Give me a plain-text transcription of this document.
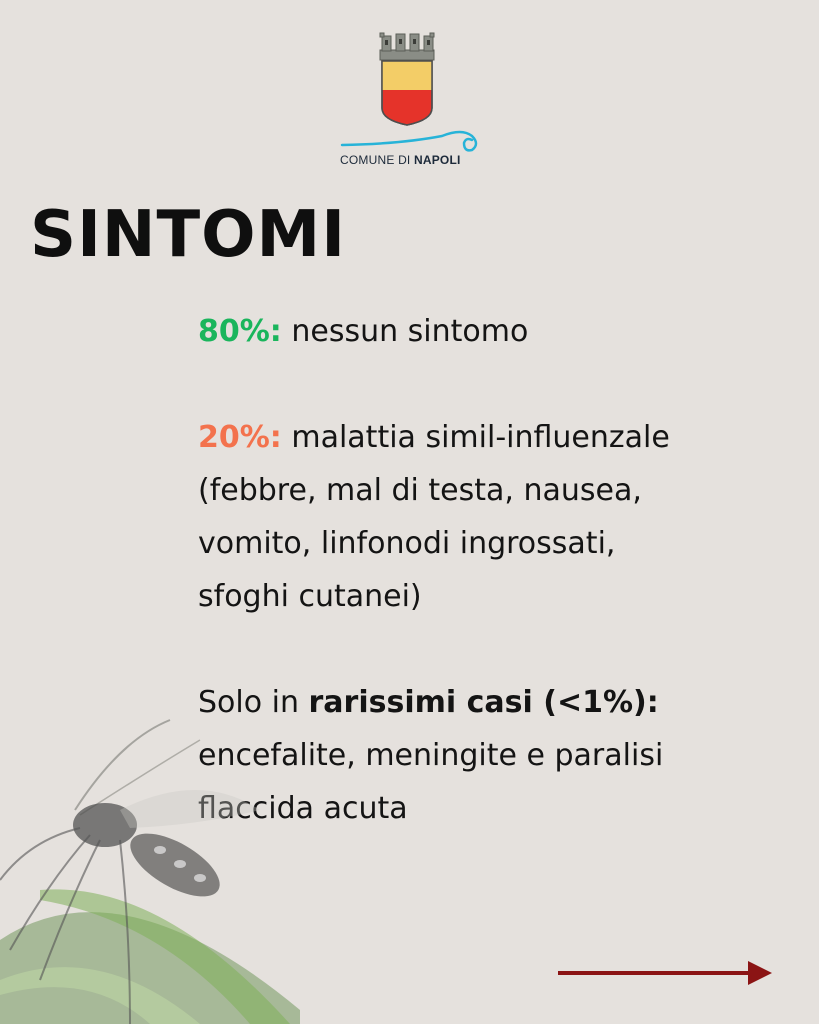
COMUNE DI NAPOLI
SINTOMI

80%: nessun sintomo

20%: malattia simil-influenzale

(febbre, mal di testa, nausea,

vomito, linfonodi ingrossati,

sfoghi cutanei)

Solo in rarissimi casi (<1%):

encefalite, meningite e paralisi

flaccida acuta
